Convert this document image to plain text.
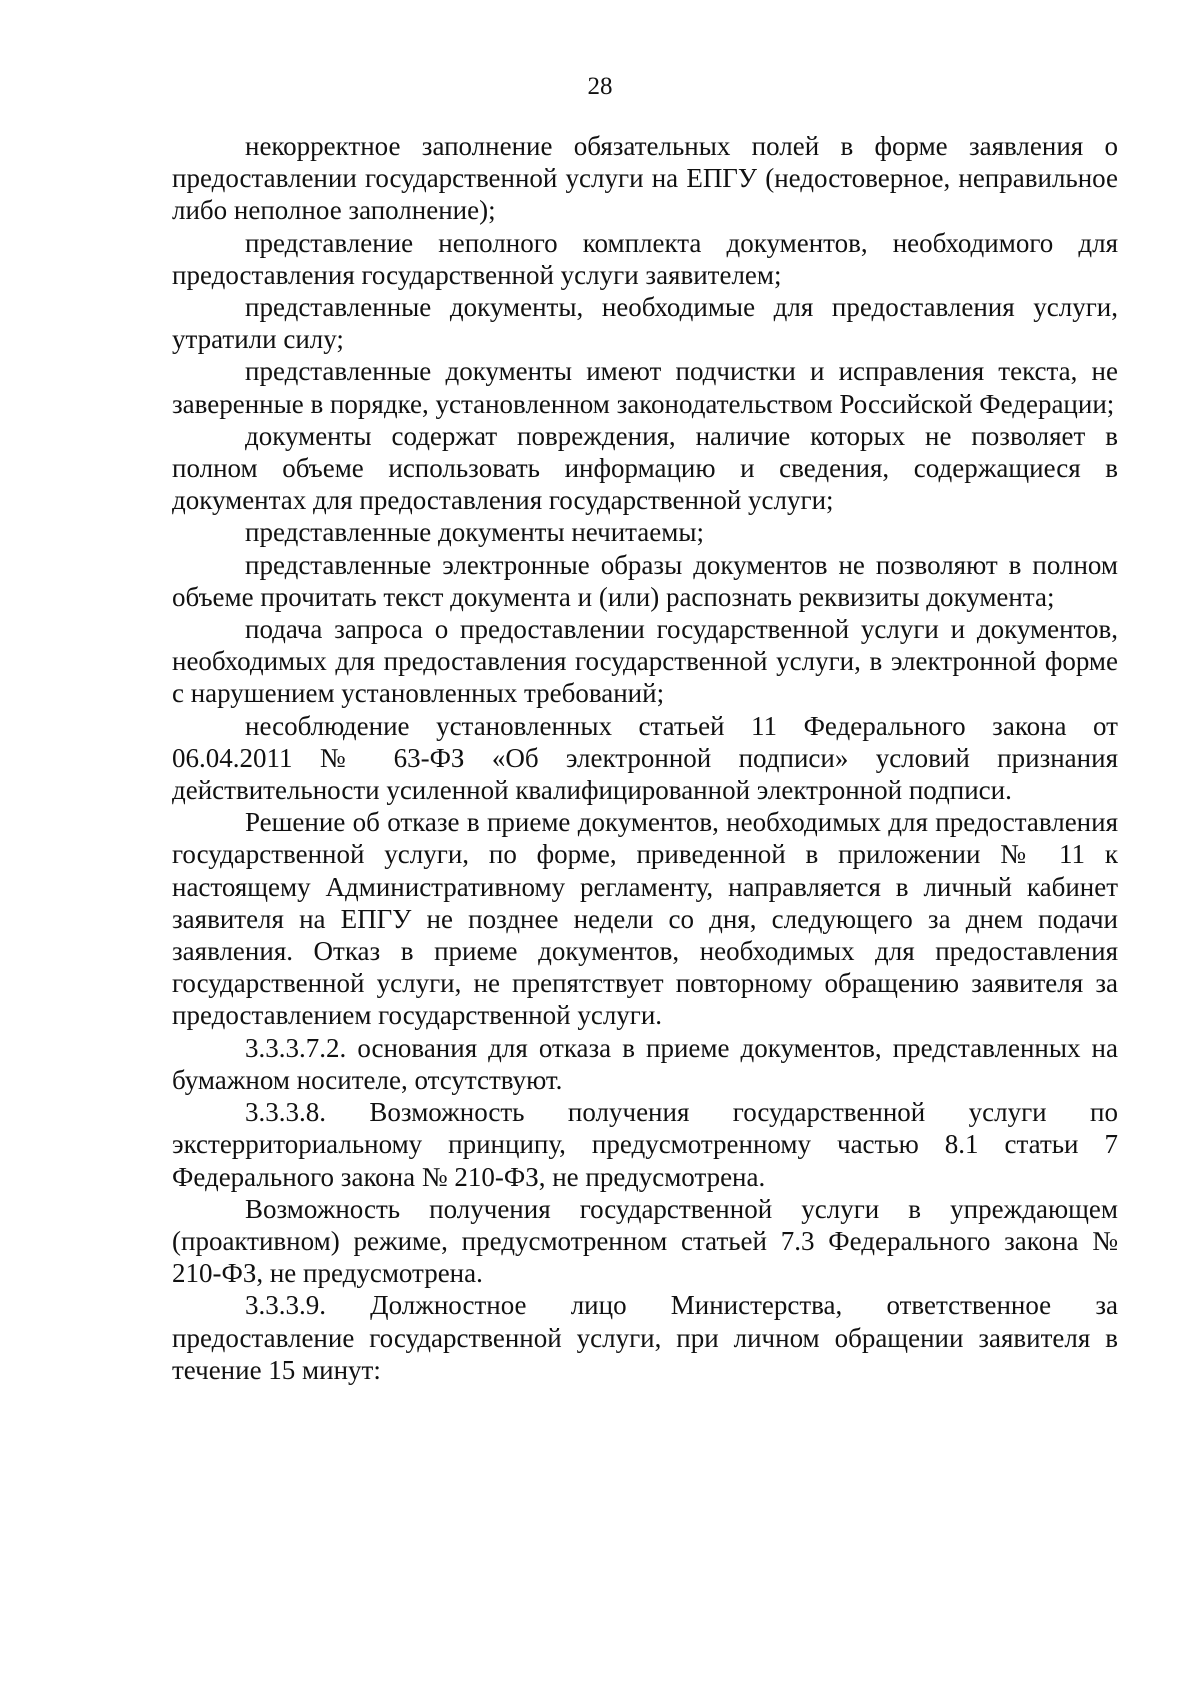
28

некорректное заполнение обязательных полей в форме заявления о предоставлении государственной услуги на ЕПГУ (недостоверное, неправильное либо неполное заполнение);

представление неполного комплекта документов, необходимого для предоставления государственной услуги заявителем;

представленные документы, необходимые для предоставления услуги, утратили силу;

представленные документы имеют подчистки и исправления текста, не заверенные в порядке, установленном законодательством Российской Федерации;

документы содержат повреждения, наличие которых не позволяет в полном объеме использовать информацию и сведения, содержащиеся в документах для предоставления государственной услуги;

представленные документы нечитаемы;

представленные электронные образы документов не позволяют в полном объеме прочитать текст документа и (или) распознать реквизиты документа;

подача запроса о предоставлении государственной услуги и документов, необходимых для предоставления государственной услуги, в электронной форме с нарушением установленных требований;

несоблюдение установленных статьей 11 Федерального закона от 06.04.2011 № 63-ФЗ «Об электронной подписи» условий признания действительности усиленной квалифицированной электронной подписи.

Решение об отказе в приеме документов, необходимых для предоставления государственной услуги, по форме, приведенной в приложении № 11 к настоящему Административному регламенту, направляется в личный кабинет заявителя на ЕПГУ не позднее недели со дня, следующего за днем подачи заявления. Отказ в приеме документов, необходимых для предоставления государственной услуги, не препятствует повторному обращению заявителя за предоставлением государственной услуги.

3.3.3.7.2. основания для отказа в приеме документов, представленных на бумажном носителе, отсутствуют.

3.3.3.8. Возможность получения государственной услуги по экстерриториальному принципу, предусмотренному частью 8.1 статьи 7 Федерального закона № 210-ФЗ, не предусмотрена.

Возможность получения государственной услуги в упреждающем (проактивном) режиме, предусмотренном статьей 7.3 Федерального закона № 210-ФЗ, не предусмотрена.

3.3.3.9. Должностное лицо Министерства, ответственное за предоставление государственной услуги, при личном обращении заявителя в течение 15 минут:
